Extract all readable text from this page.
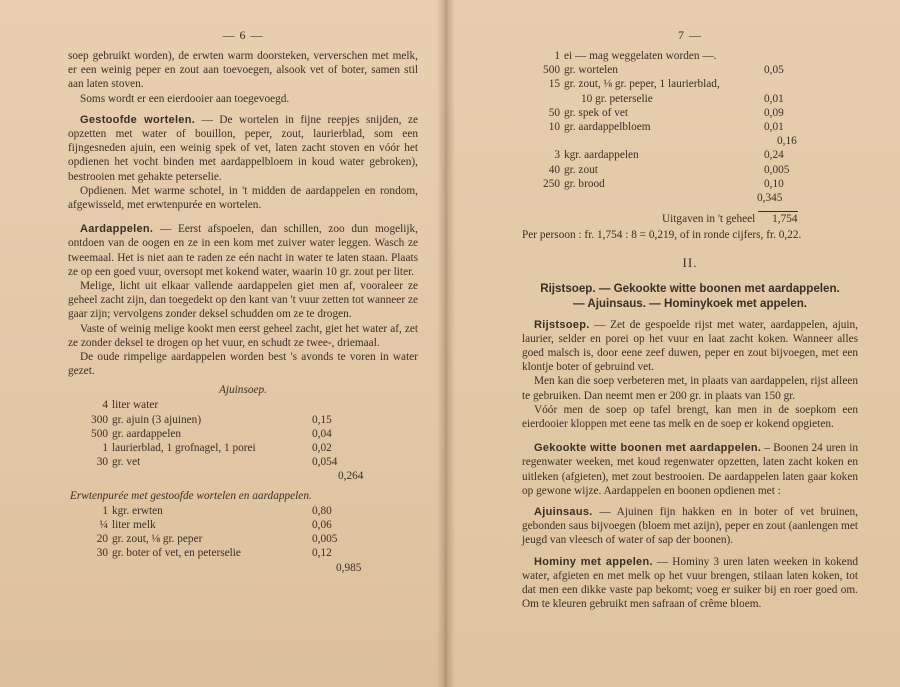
— 6 —

soep gebruikt worden), de erwten warm doorsteken, ververschen met melk, er een weinig peper en zout aan toevoegen, alsook vet of boter, samen stil aan laten stoven.

Soms wordt er een eierdooier aan toegevoegd.

Gestoofde wortelen. — De wortelen in fijne reepjes snijden, ze opzetten met water of bouillon, peper, zout, laurierblad, som een fijngesneden ajuin, een weinig spek of vet, laten zacht stoven en vóór het opdienen het vocht binden met aardappelbloem in koud water gebroken), bestrooien met gehakte peterselie.

Opdienen. Met warme schotel, in 't midden de aardappelen en rondom, afgewisseld, met erwtenpurée en wortelen.

Aardappelen. — Eerst afspoelen, dan schillen, zoo dun mogelijk, ontdoen van de oogen en ze in een kom met zuiver water leggen. Wasch ze tweemaal. Het is niet aan te raden ze eén nacht in water te laten staan. Plaats ze op een goed vuur, oversopt met kokend water, waarin 10 gr. zout per liter.

Melige, licht uit elkaar vallende aardappelen giet men af, vooraleer ze geheel zacht zijn, dan toegedekt op den kant van 't vuur zetten tot wanneer ze gaar zijn; vervolgens zonder deksel schudden om ze te drogen.

Vaste of weinig melige kookt men eerst geheel zacht, giet het water af, zet ze zonder deksel te drogen op het vuur, en schudt ze twee-, driemaal.

De oude rimpelige aardappelen worden best 's avonds te voren in water gezet.

Ajuinsoep.
4	liter water	
300	gr. ajuin (3 ajuinen)	0,15
500	gr. aardappelen	0,04
1	laurierblad, 1 grofnagel, 1 porei	0,02
30	gr. vet	0,054
0,264
Erwtenpurée met gestoofde wortelen en aardappelen.
1	kgr. erwten	0,80
¼	liter melk	0,06
20	gr. zout, ⅛ gr. peper	0,005
30	gr. boter of vet, en peterselie	0,12
0,985
7 —
1	ei — mag weggelaten worden —.	
500	gr. wortelen	0,05
15	gr. zout, ⅛ gr. peper, 1 laurierblad,	
	10 gr. peterselie	0,01
50	gr. spek of vet	0,09
10	gr. aardappelbloem	0,01
0,16
3	kgr. aardappelen	0,24
40	gr. zout	0,005
250	gr. brood	0,10
0,345
Uitgaven in 't geheel 1,754

Per persoon : fr. 1,754 : 8 = 0,219, of in ronde cijfers, fr. 0,22.

II.
Rijstsoep. — Gekookte witte boonen met aardappelen.
— Ajuinsaus. — Hominykoek met appelen.

Rijstsoep. — Zet de gespoelde rijst met water, aardappelen, ajuin, laurier, selder en porei op het vuur en laat zacht koken. Wanneer alles goed malsch is, door eene zeef duwen, peper en zout bijvoegen, met een klontje boter of gebruind vet.

Men kan die soep verbeteren met, in plaats van aardappelen, rijst alleen te gebruiken. Dan neemt men er 200 gr. in plaats van 150 gr.

Vóór men de soep op tafel brengt, kan men in de soepkom een eierdooier kloppen met eene tas melk en de soep er kokend opgieten.

Gekookte witte boonen met aardappelen. – Boonen 24 uren in regenwater weeken, met koud regenwater opzetten, laten zacht koken en uitleken (afgieten), met zout bestrooien. De aardappelen laten gaar koken op gewone wijze. Aardappelen en boonen opdienen met :

Ajuinsaus. — Ajuinen fijn hakken en in boter of vet bruinen, gebonden saus bijvoegen (bloem met azijn), peper en zout (aanlengen met jeugd van vleesch of water of sap der boonen).

Hominy met appelen. — Hominy 3 uren laten weeken in kokend water, afgieten en met melk op het vuur brengen, stilaan laten koken, tot dat men een dikke vaste pap bekomt; voeg er suiker bij en roer goed om. Om te kleuren gebruikt men safraan of crême bloem.
